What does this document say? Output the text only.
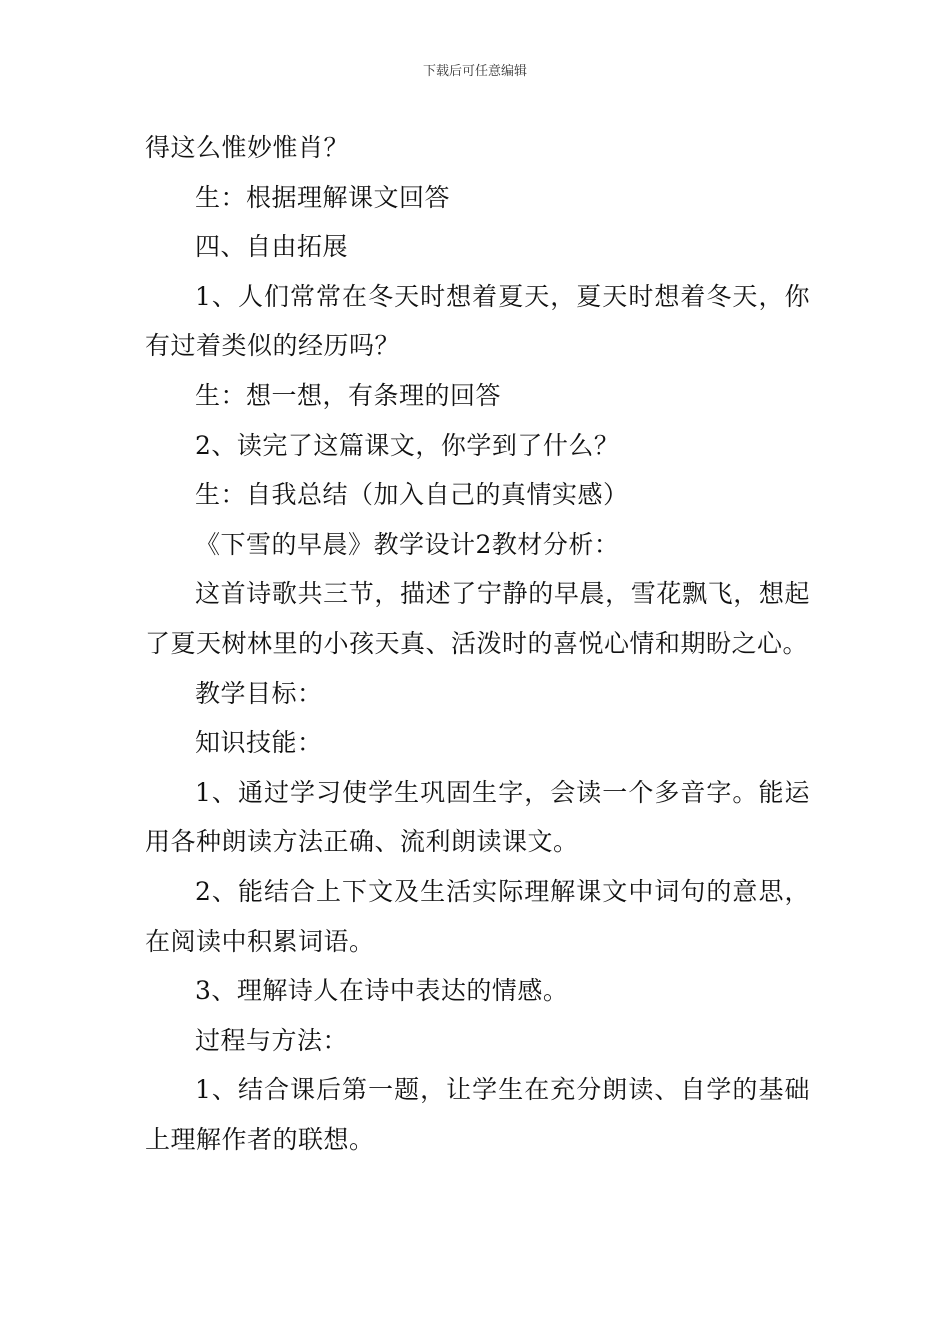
下载后可任意编辑

得这么惟妙惟肖？

生：根据理解课文回答

四、自由拓展

1、人们常常在冬天时想着夏天，夏天时想着冬天，你有过着类似的经历吗？

生：想一想，有条理的回答

2、读完了这篇课文，你学到了什么？

生：自我总结（加入自己的真情实感）

《下雪的早晨》教学设计2教材分析：

这首诗歌共三节，描述了宁静的早晨，雪花飘飞，想起了夏天树林里的小孩天真、活泼时的喜悦心情和期盼之心。

教学目标：

知识技能：

1、通过学习使学生巩固生字，会读一个多音字。能运用各种朗读方法正确、流利朗读课文。

2、能结合上下文及生活实际理解课文中词句的意思，在阅读中积累词语。

3、理解诗人在诗中表达的情感。

过程与方法：

1、结合课后第一题，让学生在充分朗读、自学的基础上理解作者的联想。
